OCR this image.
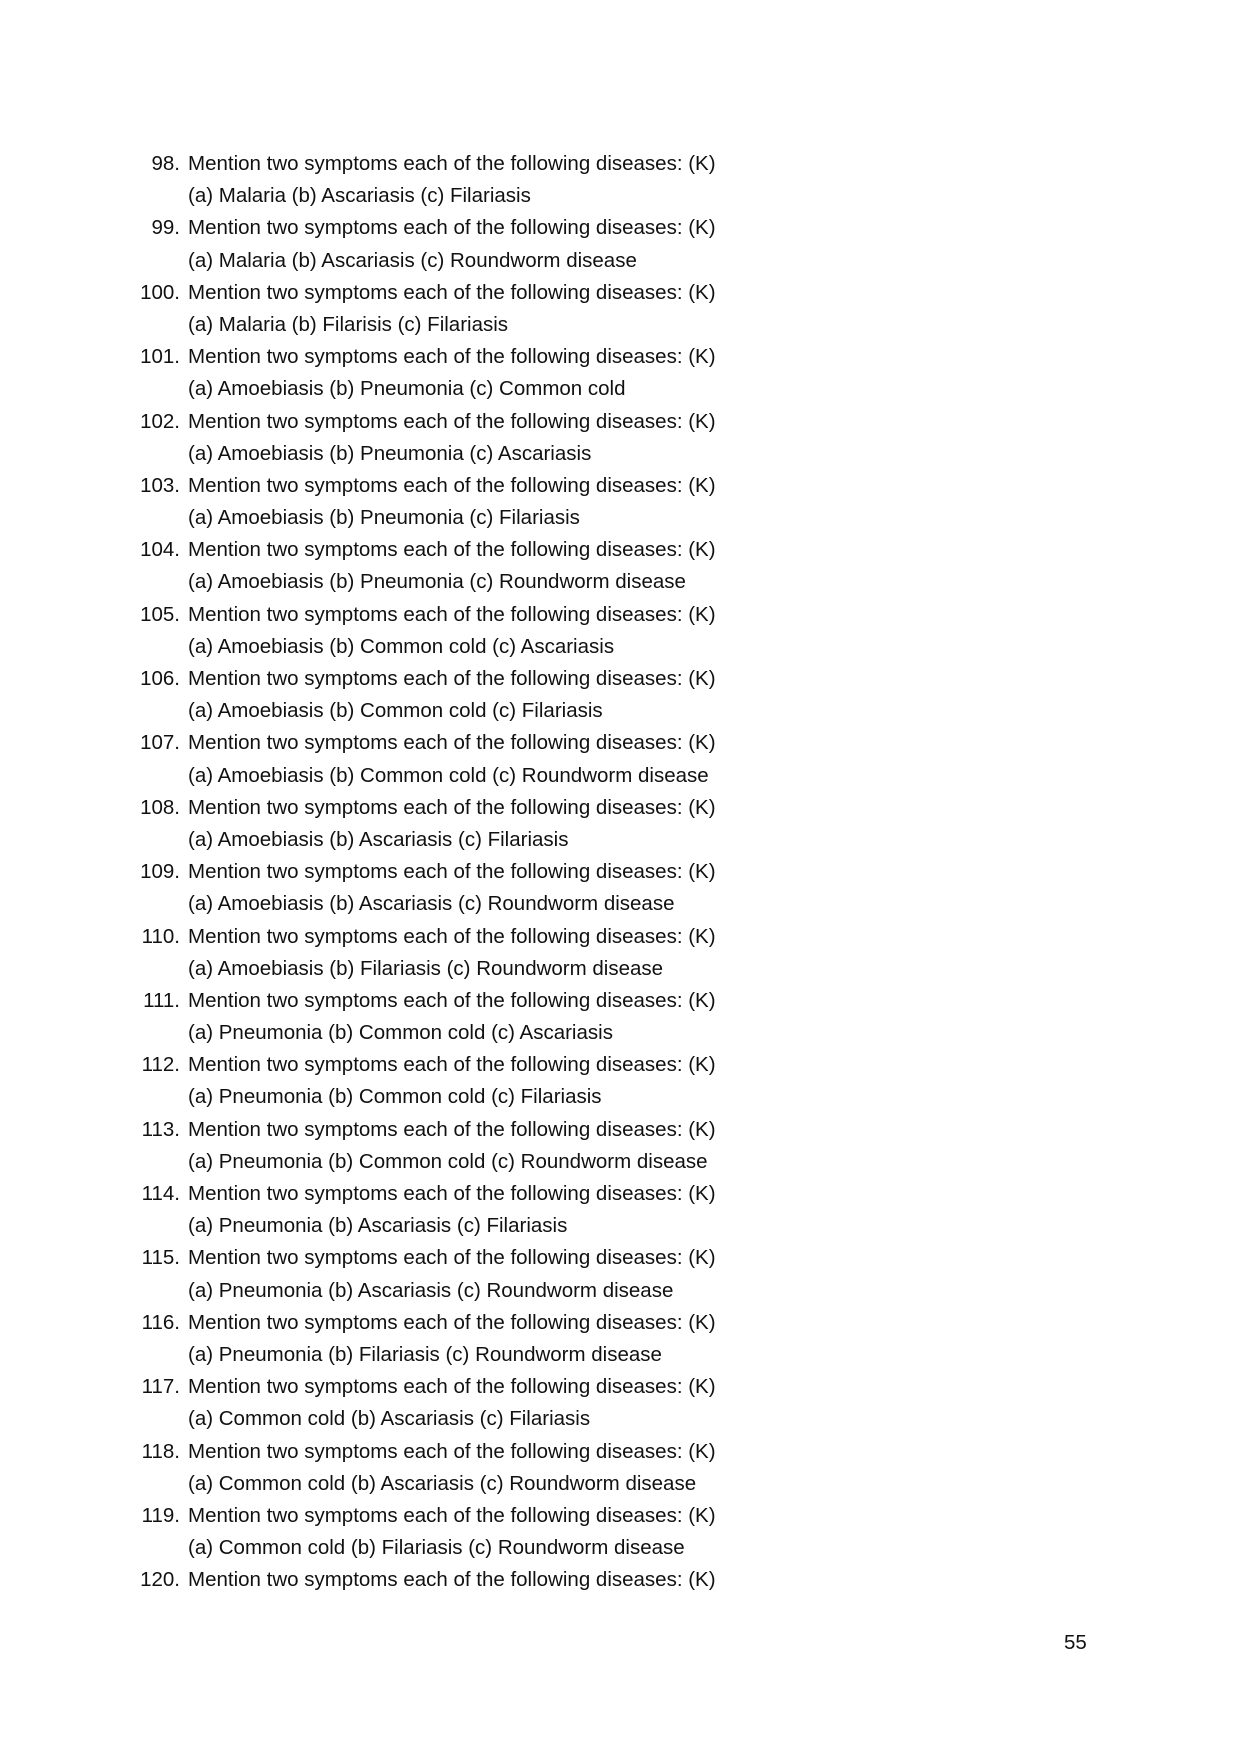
98. Mention two symptoms each of the following diseases: (K)
(a) Malaria (b) Ascariasis (c) Filariasis
99. Mention two symptoms each of the following diseases: (K)
(a) Malaria (b) Ascariasis (c) Roundworm disease
100. Mention two symptoms each of the following diseases: (K)
(a) Malaria (b) Filarisis (c) Filariasis
101. Mention two symptoms each of the following diseases: (K)
(a) Amoebiasis (b) Pneumonia (c) Common cold
102. Mention two symptoms each of the following diseases: (K)
(a) Amoebiasis (b) Pneumonia (c) Ascariasis
103. Mention two symptoms each of the following diseases: (K)
(a) Amoebiasis (b) Pneumonia (c) Filariasis
104. Mention two symptoms each of the following diseases: (K)
(a) Amoebiasis (b) Pneumonia (c) Roundworm disease
105. Mention two symptoms each of the following diseases: (K)
(a) Amoebiasis (b) Common cold (c) Ascariasis
106. Mention two symptoms each of the following diseases: (K)
(a) Amoebiasis (b) Common cold (c) Filariasis
107. Mention two symptoms each of the following diseases: (K)
(a) Amoebiasis (b) Common cold (c) Roundworm disease
108. Mention two symptoms each of the following diseases: (K)
(a) Amoebiasis (b) Ascariasis (c) Filariasis
109. Mention two symptoms each of the following diseases: (K)
(a) Amoebiasis (b) Ascariasis (c) Roundworm disease
110. Mention two symptoms each of the following diseases: (K)
(a) Amoebiasis (b) Filariasis (c) Roundworm disease
111. Mention two symptoms each of the following diseases: (K)
(a) Pneumonia (b) Common cold (c) Ascariasis
112. Mention two symptoms each of the following diseases: (K)
(a) Pneumonia (b) Common cold (c) Filariasis
113. Mention two symptoms each of the following diseases: (K)
(a) Pneumonia (b) Common cold (c) Roundworm disease
114. Mention two symptoms each of the following diseases: (K)
(a) Pneumonia (b) Ascariasis (c) Filariasis
115. Mention two symptoms each of the following diseases: (K)
(a) Pneumonia (b) Ascariasis (c) Roundworm disease
116. Mention two symptoms each of the following diseases: (K)
(a) Pneumonia (b) Filariasis (c) Roundworm disease
117. Mention two symptoms each of the following diseases: (K)
(a) Common cold (b) Ascariasis (c) Filariasis
118. Mention two symptoms each of the following diseases: (K)
(a) Common cold (b) Ascariasis (c) Roundworm disease
119. Mention two symptoms each of the following diseases: (K)
(a) Common cold (b) Filariasis (c) Roundworm disease
120. Mention two symptoms each of the following diseases: (K)
55
